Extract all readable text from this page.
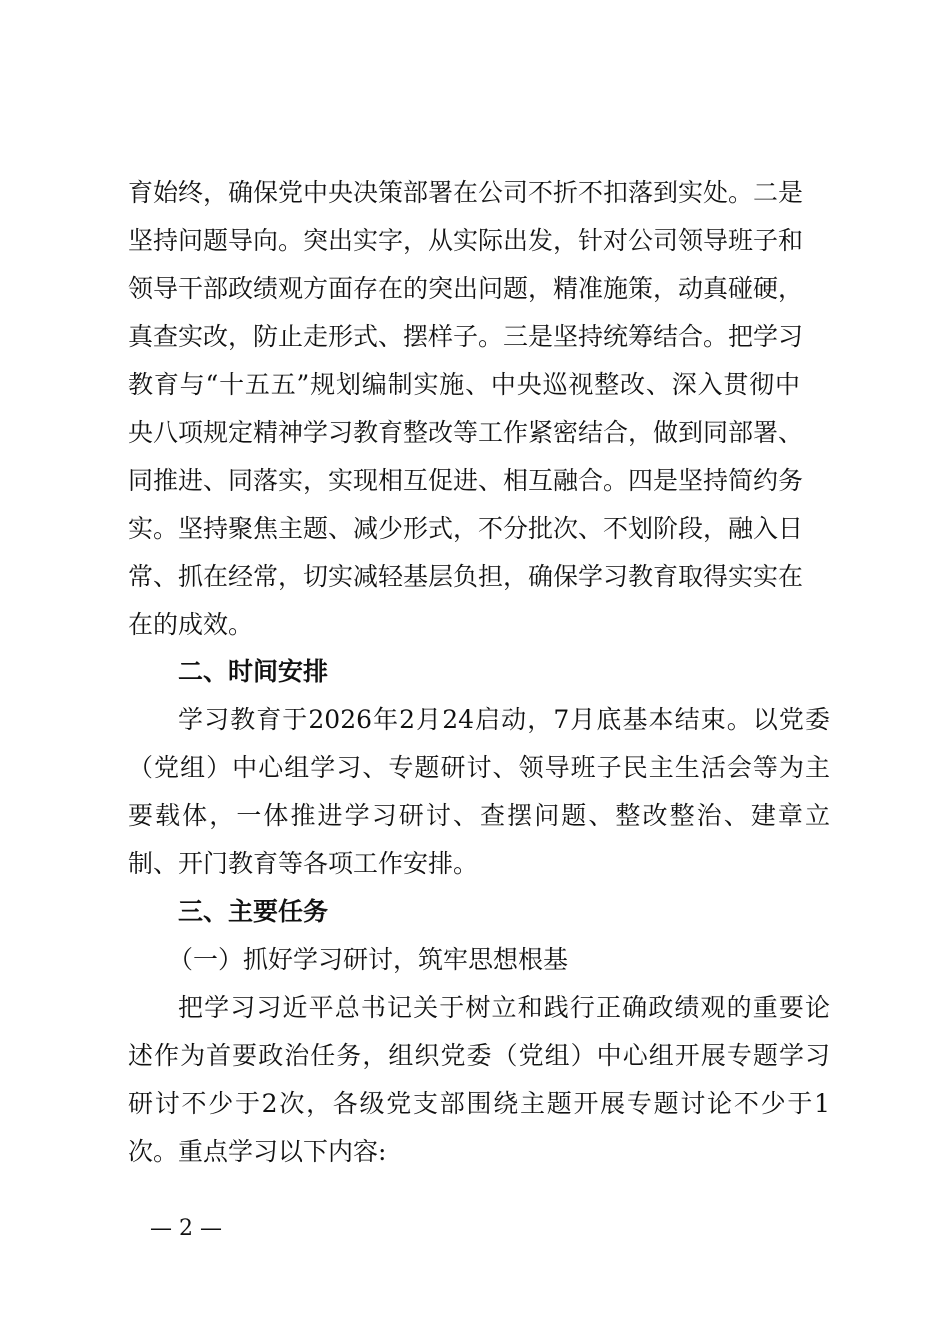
育始终，确保党中央决策部署在公司不折不扣落到实处。二是
坚持问题导向。突出实字，从实际出发，针对公司领导班子和
领导干部政绩观方面存在的突出问题，精准施策，动真碰硬，
真查实改，防止走形式、摆样子。三是坚持统筹结合。把学习
教育与“十五五”规划编制实施、中央巡视整改、深入贯彻中
央八项规定精神学习教育整改等工作紧密结合，做到同部署、
同推进、同落实，实现相互促进、相互融合。四是坚持简约务
实。坚持聚焦主题、减少形式，不分批次、不划阶段，融入日
常、抓在经常，切实减轻基层负担，确保学习教育取得实实在
在的成效。
二、时间安排
学习教育于2026年2月24启动，7月底基本结束。以党委
（党组）中心组学习、专题研讨、领导班子民主生活会等为主
要载体，一体推进学习研讨、查摆问题、整改整治、建章立
制、开门教育等各项工作安排。
三、主要任务
（一）抓好学习研讨，筑牢思想根基
把学习习近平总书记关于树立和践行正确政绩观的重要论
述作为首要政治任务，组织党委（党组）中心组开展专题学习
研讨不少于2次，各级党支部围绕主题开展专题讨论不少于1
次。重点学习以下内容:
— 2 —
